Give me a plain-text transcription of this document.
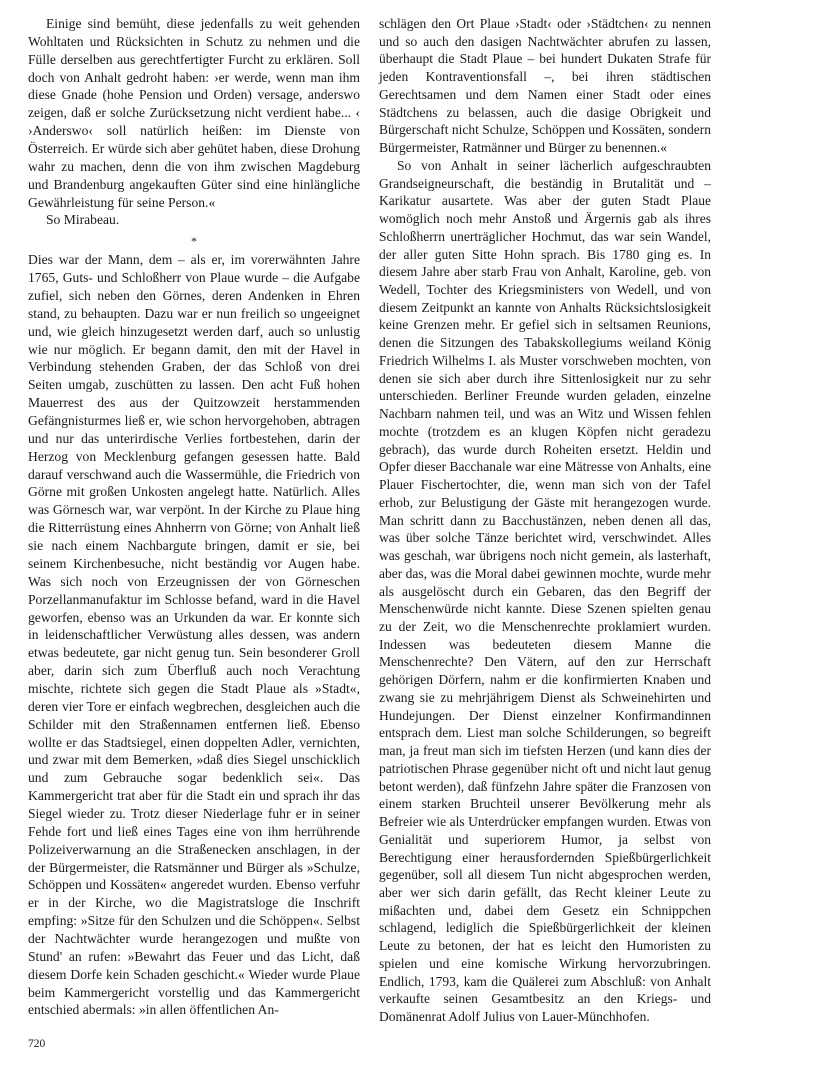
Einige sind bemüht, diese jedenfalls zu weit gehenden Wohltaten und Rücksichten in Schutz zu nehmen und die Fülle derselben aus gerechtfertigter Furcht zu erklären. Soll doch von Anhalt gedroht haben: ›er werde, wenn man ihm diese Gnade (hohe Pension und Orden) versage, anderswo zeigen, daß er solche Zurücksetzung nicht verdient habe... ‹ ›Anderswo‹ soll natürlich heißen: im Dienste von Österreich. Er würde sich aber gehütet haben, diese Drohung wahr zu machen, denn die von ihm zwischen Magdeburg und Brandenburg angekauften Güter sind eine hinlängliche Gewährleistung für seine Person.«

So Mirabeau.

*

Dies war der Mann, dem – als er, im vorerwähnten Jahre 1765, Guts- und Schloßherr von Plaue wurde – die Aufgabe zufiel, sich neben den Görnes, deren Andenken in Ehren stand, zu behaupten. Dazu war er nun freilich so ungeeignet und, wie gleich hinzugesetzt werden darf, auch so unlustig wie nur möglich. Er begann damit, den mit der Havel in Verbindung stehenden Graben, der das Schloß von drei Seiten umgab, zuschütten zu lassen. Den acht Fuß hohen Mauerrest des aus der Quitzowzeit herstammenden Gefängnisturmes ließ er, wie schon hervorgehoben, abtragen und nur das unterirdische Verlies fortbestehen, darin der Herzog von Mecklenburg gefangen gesessen hatte. Bald darauf verschwand auch die Wassermühle, die Friedrich von Görne mit großen Unkosten angelegt hatte. Natürlich. Alles was Görnesch war, war verpönt. In der Kirche zu Plaue hing die Ritterrüstung eines Ahnherrn von Görne; von Anhalt ließ sie nach einem Nachbargute bringen, damit er sie, bei seinem Kirchenbesuche, nicht beständig vor Augen habe. Was sich noch von Erzeugnissen der von Görneschen Porzellanmanufaktur im Schlosse befand, ward in die Havel geworfen, ebenso was an Urkunden da war. Er konnte sich in leidenschaftlicher Verwüstung alles dessen, was andern etwas bedeutete, gar nicht genug tun. Sein besonderer Groll aber, darin sich zum Überfluß auch noch Verachtung mischte, richtete sich gegen die Stadt Plaue als »Stadt«, deren vier Tore er einfach wegbrechen, desgleichen auch die Schilder mit den Straßennamen entfernen ließ. Ebenso wollte er das Stadtsiegel, einen doppelten Adler, vernichten, und zwar mit dem Bemerken, »daß dies Siegel unschicklich und zum Gebrauche sogar bedenklich sei«. Das Kammergericht trat aber für die Stadt ein und sprach ihr das Siegel wieder zu. Trotz dieser Niederlage fuhr er in seiner Fehde fort und ließ eines Tages eine von ihm herrührende Polizeiverwarnung an die Straßenecken anschlagen, in der der Bürgermeister, die Ratsmänner und Bürger als »Schulze, Schöppen und Kossäten« angeredet wurden. Ebenso verfuhr er in der Kirche, wo die Magistratsloge die Inschrift empfing: »Sitze für den Schulzen und die Schöppen«. Selbst der Nachtwächter wurde herangezogen und mußte von Stund' an rufen: »Bewahrt das Feuer und das Licht, daß diesem Dorfe kein Schaden geschicht.« Wieder wurde Plaue beim Kammergericht vorstellig und das Kammergericht entschied abermals: »in allen öffentlichen An-

schlägen den Ort Plaue ›Stadt‹ oder ›Städtchen‹ zu nennen und so auch den dasigen Nachtwächter abrufen zu lassen, überhaupt die Stadt Plaue – bei hundert Dukaten Strafe für jeden Kontraventionsfall –, bei ihren städtischen Gerechtsamen und dem Namen einer Stadt oder eines Städtchens zu belassen, auch die dasige Obrigkeit und Bürgerschaft nicht Schulze, Schöppen und Kossäten, sondern Bürgermeister, Ratmänner und Bürger zu benennen.«

So von Anhalt in seiner lächerlich aufgeschraubten Grandseigneurschaft, die beständig in Brutalität und – Karikatur ausartete. Was aber der guten Stadt Plaue womöglich noch mehr Anstoß und Ärgernis gab als ihres Schloßherrn unerträglicher Hochmut, das war sein Wandel, der aller guten Sitte Hohn sprach. Bis 1780 ging es. In diesem Jahre aber starb Frau von Anhalt, Karoline, geb. von Wedell, Tochter des Kriegsministers von Wedell, und von diesem Zeitpunkt an kannte von Anhalts Rücksichtslosigkeit keine Grenzen mehr. Er gefiel sich in seltsamen Reunions, denen die Sitzungen des Tabakskollegiums weiland König Friedrich Wilhelms I. als Muster vorschweben mochten, von denen sie sich aber durch ihre Sittenlosigkeit nur zu sehr unterschieden. Berliner Freunde wurden geladen, einzelne Nachbarn nahmen teil, und was an Witz und Wissen fehlen mochte (trotzdem es an klugen Köpfen nicht geradezu gebrach), das wurde durch Roheiten ersetzt. Heldin und Opfer dieser Bacchanale war eine Mätresse von Anhalts, eine Plauer Fischertochter, die, wenn man sich von der Tafel erhob, zur Belustigung der Gäste mit herangezogen wurde. Man schritt dann zu Bacchustänzen, neben denen all das, was über solche Tänze berichtet wird, verschwindet. Alles was geschah, war übrigens noch nicht gemein, als lasterhaft, aber das, was die Moral dabei gewinnen mochte, wurde mehr als ausgelöscht durch ein Gebaren, das den Begriff der Menschenwürde nicht kannte. Diese Szenen spielten genau zu der Zeit, wo die Menschenrechte proklamiert wurden. Indessen was bedeuteten diesem Manne die Menschenrechte? Den Vätern, auf den zur Herrschaft gehörigen Dörfern, nahm er die konfirmierten Knaben und zwang sie zu mehrjährigem Dienst als Schweinehirten und Hundejungen. Der Dienst einzelner Konfirmandinnen entsprach dem. Liest man solche Schilderungen, so begreift man, ja freut man sich im tiefsten Herzen (und kann dies der patriotischen Phrase gegenüber nicht oft und nicht laut genug betont werden), daß fünfzehn Jahre später die Franzosen von einem starken Bruchteil unserer Bevölkerung mehr als Befreier wie als Unterdrücker empfangen wurden. Etwas von Genialität und superiorem Humor, ja selbst von Berechtigung einer herausfordernden Spießbürgerlichkeit gegenüber, soll all diesem Tun nicht abgesprochen werden, aber wer sich darin gefällt, das Recht kleiner Leute zu mißachten und, dabei dem Gesetz ein Schnippchen schlagend, lediglich die Spießbürgerlichkeit der kleinen Leute zu betonen, der hat es leicht den Humoristen zu spielen und eine komische Wirkung hervorzubringen. Endlich, 1793, kam die Quälerei zum Abschluß: von Anhalt verkaufte seinen Gesamtbesitz an den Kriegs- und Domänenrat Adolf Julius von Lauer-Münchhofen.

720
